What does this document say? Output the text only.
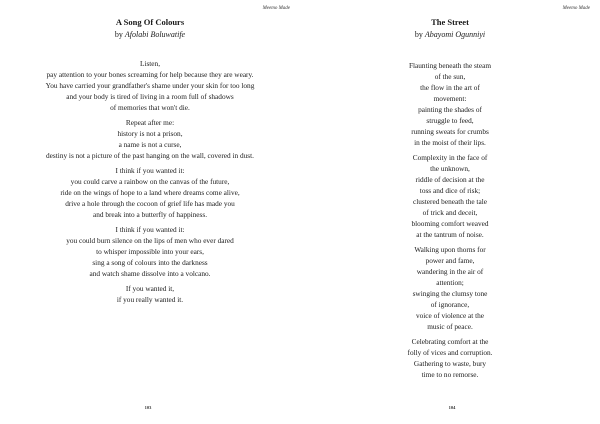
Meemo Made
A Song Of Colours
by Afolabi Boluwatife
Listen,
pay attention to your bones screaming for help because they are weary.
You have carried your grandfather's shame under your skin for too long
and your body is tired of living in a room full of shadows
of memories that won't die.
Repeat after me:
history is not a prison,
a name is not a curse,
destiny is not a picture of the past hanging on the wall, covered in dust.
I think if you wanted it:
you could carve a rainbow on the canvas of the future,
ride on the wings of hope to a land where dreams come alive,
drive a hole through the cocoon of grief life has made you
and break into a butterfly of happiness.
I think if you wanted it:
you could burn silence on the lips of men who ever dared
to whisper impossible into your ears,
sing a song of colours into the darkness
and watch shame dissolve into a volcano.
If you wanted it,
if you really wanted it.
103
Meemo Made
The Street
by Abayomi Ogunniyi
Flaunting beneath the steam
of the sun,
the flow in the art of
movement:
painting the shades of
struggle to feed,
running sweats for crumbs
in the moist of their lips.
Complexity in the face of
the unknown,
riddle of decision at the
toss and dice of risk;
clustered beneath the tale
of trick and deceit,
blooming comfort weaved
at the tantrum of noise.
Walking upon thorns for
power and fame,
wandering in the air of
attention;
swinging the clumsy tone
of ignorance,
voice of violence at the
music of peace.
Celebrating comfort at the
folly of vices and corruption.
Gathering to waste, bury
time to no remorse.
104
